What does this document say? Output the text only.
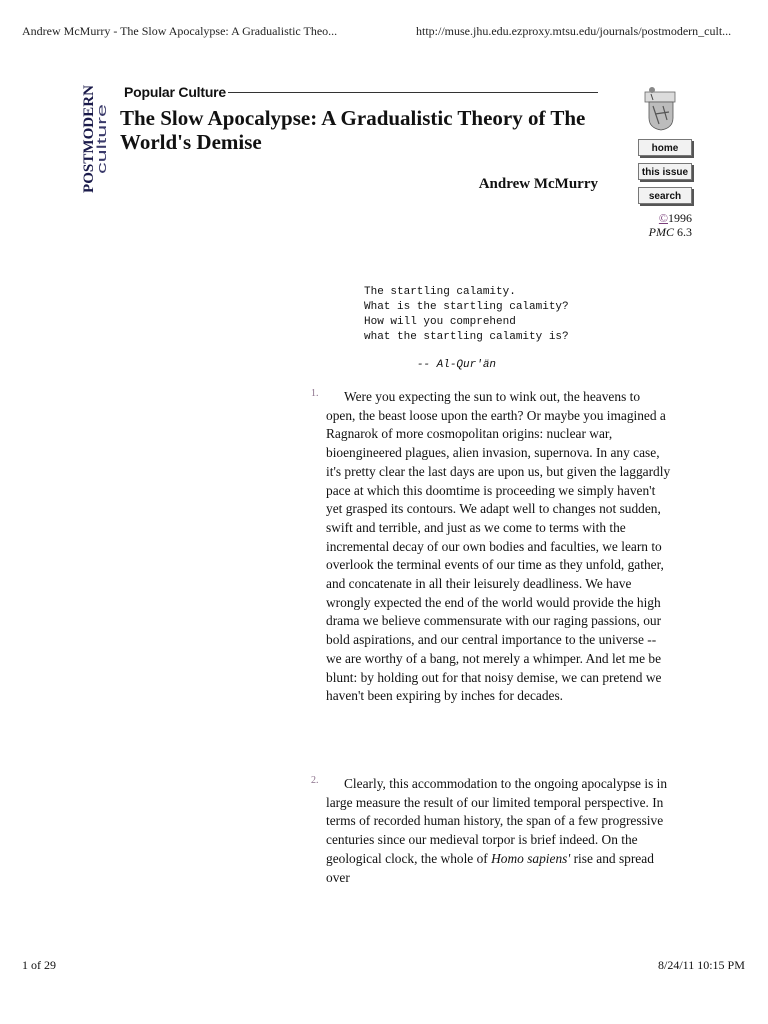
Andrew McMurry - The Slow Apocalypse: A Gradualistic Theo...	http://muse.jhu.edu.ezproxy.mtsu.edu/journals/postmodern_cult...
POSTMODERN
culture
Popular Culture
The Slow Apocalypse: A Gradualistic Theory of The World's Demise
Andrew McMurry
home
this issue
search
©1996
PMC 6.3
The startling calamity.
What is the startling calamity?
How will you comprehend
what the startling calamity is?
-- Al-Qur'än
1.	Were you expecting the sun to wink out, the heavens to open, the beast loose upon the earth? Or maybe you imagined a Ragnarok of more cosmopolitan origins: nuclear war, bioengineered plagues, alien invasion, supernova. In any case, it's pretty clear the last days are upon us, but given the laggardly pace at which this doomtime is proceeding we simply haven't yet grasped its contours. We adapt well to changes not sudden, swift and terrible, and just as we come to terms with the incremental decay of our own bodies and faculties, we learn to overlook the terminal events of our time as they unfold, gather, and concatenate in all their leisurely deadliness. We have wrongly expected the end of the world would provide the high drama we believe commensurate with our raging passions, our bold aspirations, and our central importance to the universe -- we are worthy of a bang, not merely a whimper. And let me be blunt: by holding out for that noisy demise, we can pretend we haven't been expiring by inches for decades.
2.	Clearly, this accommodation to the ongoing apocalypse is in large measure the result of our limited temporal perspective. In terms of recorded human history, the span of a few progressive centuries since our medieval torpor is brief indeed. On the geological clock, the whole of Homo sapiens' rise and spread over
1 of 29	8/24/11 10:15 PM
